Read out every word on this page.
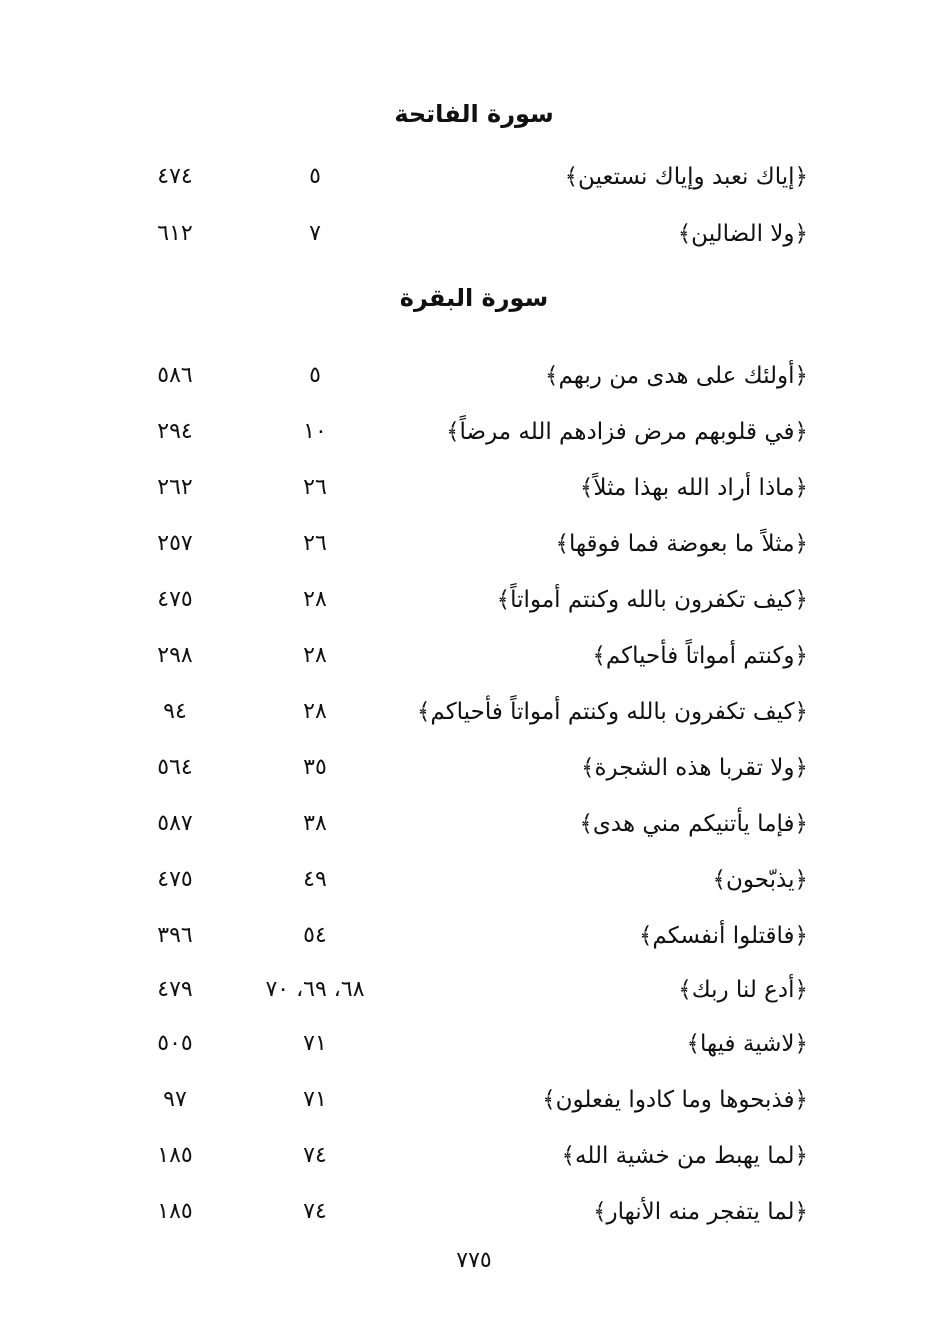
سورة الفاتحة
﴿إياك نعبد وإياك نستعين﴾
٥
٤٧٤
﴿ولا الضالين﴾
٧
٦١٢
سورة البقرة
﴿أولئك على هدى من ربهم﴾
٥
٥٨٦
﴿في قلوبهم مرض فزادهم الله مرضاً﴾
١٠
٢٩٤
﴿ماذا أراد الله بهذا مثلاً﴾
٢٦
٢٦٢
﴿مثلاً ما بعوضة فما فوقها﴾
٢٦
٢٥٧
﴿كيف تكفرون بالله وكنتم أمواتاً﴾
٢٨
٤٧٥
﴿وكنتم أمواتاً فأحياكم﴾
٢٨
٢٩٨
﴿كيف تكفرون بالله وكنتم أمواتاً فأحياكم﴾
٢٨
٩٤
﴿ولا تقربا هذه الشجرة﴾
٣٥
٥٦٤
﴿فإما يأتنيكم مني هدى﴾
٣٨
٥٨٧
﴿يذبّحون﴾
٤٩
٤٧٥
﴿فاقتلوا أنفسكم﴾
٥٤
٣٩٦
﴿أدع لنا ربك﴾
٦٨، ٦٩، ٧٠
٤٧٩
﴿لاشية فيها﴾
٧١
٥٠٥
﴿فذبحوها وما كادوا يفعلون﴾
٧١
٩٧
﴿لما يهبط من خشية الله﴾
٧٤
١٨٥
﴿لما يتفجر منه الأنهار﴾
٧٤
١٨٥
٧٧٥
